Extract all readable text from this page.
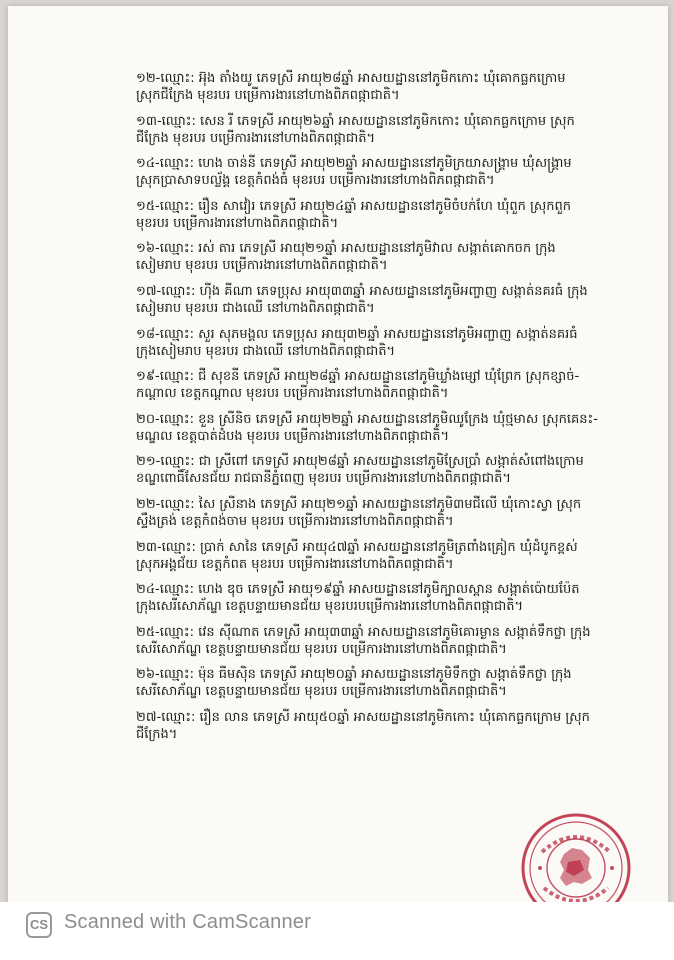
១២-ឈ្មោះ: អ៊ុង តាំងយូ ភេទស្រី អាយុ២៨ឆ្នាំ អាសយដ្ឋាននៅភូមិកកោះ ឃុំគោកធ្លកក្រោម
ស្រុកជីក្រែង មុខរបរ បម្រើការងារនៅហាងពិភពផ្កាជាតិ។

១៣-ឈ្មោះ: សេន រី ភេទស្រី អាយុ២៦ឆ្នាំ អាសយដ្ឋាននៅភូមិកកោះ ឃុំគោកធ្លកក្រោម ស្រុក
ជីក្រែង មុខរបរ បម្រើការងារនៅហាងពិភពផ្កាជាតិ។

១៤-ឈ្មោះ: ហេង ចាន់នី ភេទស្រី អាយុ២២ឆ្នាំ អាសយដ្ឋាននៅភូមិក្រយាសង្គ្រាម ឃុំសង្គ្រាម
ស្រុកប្រាសាទបល្ល័ង្គ ខេត្តកំពង់ធំ មុខរបរ បម្រើការងារនៅហាងពិភពផ្កាជាតិ។

១៥-ឈ្មោះ: រឿន សាវៀរ ភេទស្រី អាយុ២៤ឆ្នាំ អាសយដ្ឋាននៅភូមិចំបក់ហែ ឃុំពួក ស្រុកពួក
មុខរបរ បម្រើការងារនៅហាងពិភពផ្កាជាតិ។

១៦-ឈ្មោះ: រស់ តារ ភេទស្រី អាយុ២១ឆ្នាំ អាសយដ្ឋាននៅភូមិវាល សង្កាត់គោកចក ក្រុង
សៀមរាប មុខរបរ បម្រើការងារនៅហាងពិភពផ្កាជាតិ។

១៧-ឈ្មោះ: ហ៊ីង គីណា ភេទប្រុស អាយុ៣៣ឆ្នាំ អាសយដ្ឋាននៅភូមិអញ្ចាញ សង្កាត់នគរធំ ក្រុង
សៀមរាប មុខរបរ ជាងឈើ នៅហាងពិភពផ្កាជាតិ។

១៨-ឈ្មោះ: សួរ សុភមង្គល ភេទប្រុស អាយុ៣២ឆ្នាំ អាសយដ្ឋាននៅភូមិអញ្ចាញ សង្កាត់នគរធំ
ក្រុងសៀមរាប មុខរបរ ជាងឈើ នៅហាងពិភពផ្កាជាតិ។

១៩-ឈ្មោះ: ជី សុខនី ភេទស្រី អាយុ២៨ឆ្នាំ អាសយដ្ឋាននៅភូមិឃ្លាំងម្សៅ ឃុំព្រែក ស្រុកខ្សាច់-
កណ្តាល ខេត្តកណ្តាល មុខរបរ បម្រើការងារនៅហាងពិភពផ្កាជាតិ។

២០-ឈ្មោះ: ខួន ស្រីនិច ភេទស្រី អាយុ២២ឆ្នាំ អាសយដ្ឋាននៅភូមិឈូក្រែង ឃុំថ្មមាស ស្រុកគេនះ-
មណ្ឌល ខេត្តបាត់ដំបង មុខរបរ បម្រើការងារនៅហាងពិភពផ្កាជាតិ។

២១-ឈ្មោះ: ជា ស្រីពៅ ភេទស្រី អាយុ២៨ឆ្នាំ អាសយដ្ឋាននៅភូមិស្រែប្រាំ សង្កាត់សំពៅងក្រោម
ខណ្ឌពោធិ៍សែនជ័យ រាជធានីភ្នំពេញ មុខរបរ បម្រើការងារនៅហាងពិភពផ្កាជាតិ។

២២-ឈ្មោះ: សៃ ស្រីនាង ភេទស្រី អាយុ២១ឆ្នាំ អាសយដ្ឋាននៅភូមិ៣មជីលើ ឃុំកោះស្វា ស្រុក
ស្ទឹងត្រង់ ខេត្តកំពង់ចាម មុខរបរ បម្រើការងារនៅហាងពិភពផ្កាជាតិ។

២៣-ឈ្មោះ: ប្រាក់ សានៃ ភេទស្រី អាយុ៤៧ឆ្នាំ អាសយដ្ឋាននៅភូមិត្រពាំងគ្រៀក ឃុំដំបូកខ្ពស់
ស្រុកអង្គជ័យ ខេត្តកំពត មុខរបរ បម្រើការងារនៅហាងពិភពផ្កាជាតិ។

២៤-ឈ្មោះ: ហេង ឌុច ភេទស្រី អាយុ១៩ឆ្នាំ អាសយដ្ឋាននៅភូមិក្បាលស្ពាន សង្កាត់ប៉ោយប៉ែត
ក្រុងសេរីសោភ័ណ្ឌ ខេត្តបន្ទាយមានជ័យ មុខរបរបម្រើការងារនៅហាងពិភពផ្កាជាតិ។

២៥-ឈ្មោះ: វេន ស៊ីណាត ភេទស្រី អាយុ៣៣ឆ្នាំ អាសយដ្ឋាននៅភូមិគោរម្ងាន សង្កាត់ទឹកថ្លា ក្រុង
សេរីសោភ័ណ្ឌ ខេត្តបន្ទាយមានជ័យ មុខរបរ បម្រើការងារនៅហាងពិភពផ្កាជាតិ។

២៦-ឈ្មោះ: ម៉ុន ធីមស៊ិន ភេទស្រី អាយុ២០ឆ្នាំ អាសយដ្ឋាននៅភូមិទឹកថ្លា សង្កាត់ទឹកថ្លា ក្រុង
សេរីសោភ័ណ្ឌ ខេត្តបន្ទាយមានជ័យ មុខរបរ បម្រើការងារនៅហាងពិភពផ្កាជាតិ។

២៧-ឈ្មោះ: រឿន លាន ភេទស្រី អាយុ៥០ឆ្នាំ អាសយដ្ឋាននៅភូមិកកោះ ឃុំគោកធ្លកក្រោម ស្រុក
ជីក្រែង។

CS Scanned with CamScanner
